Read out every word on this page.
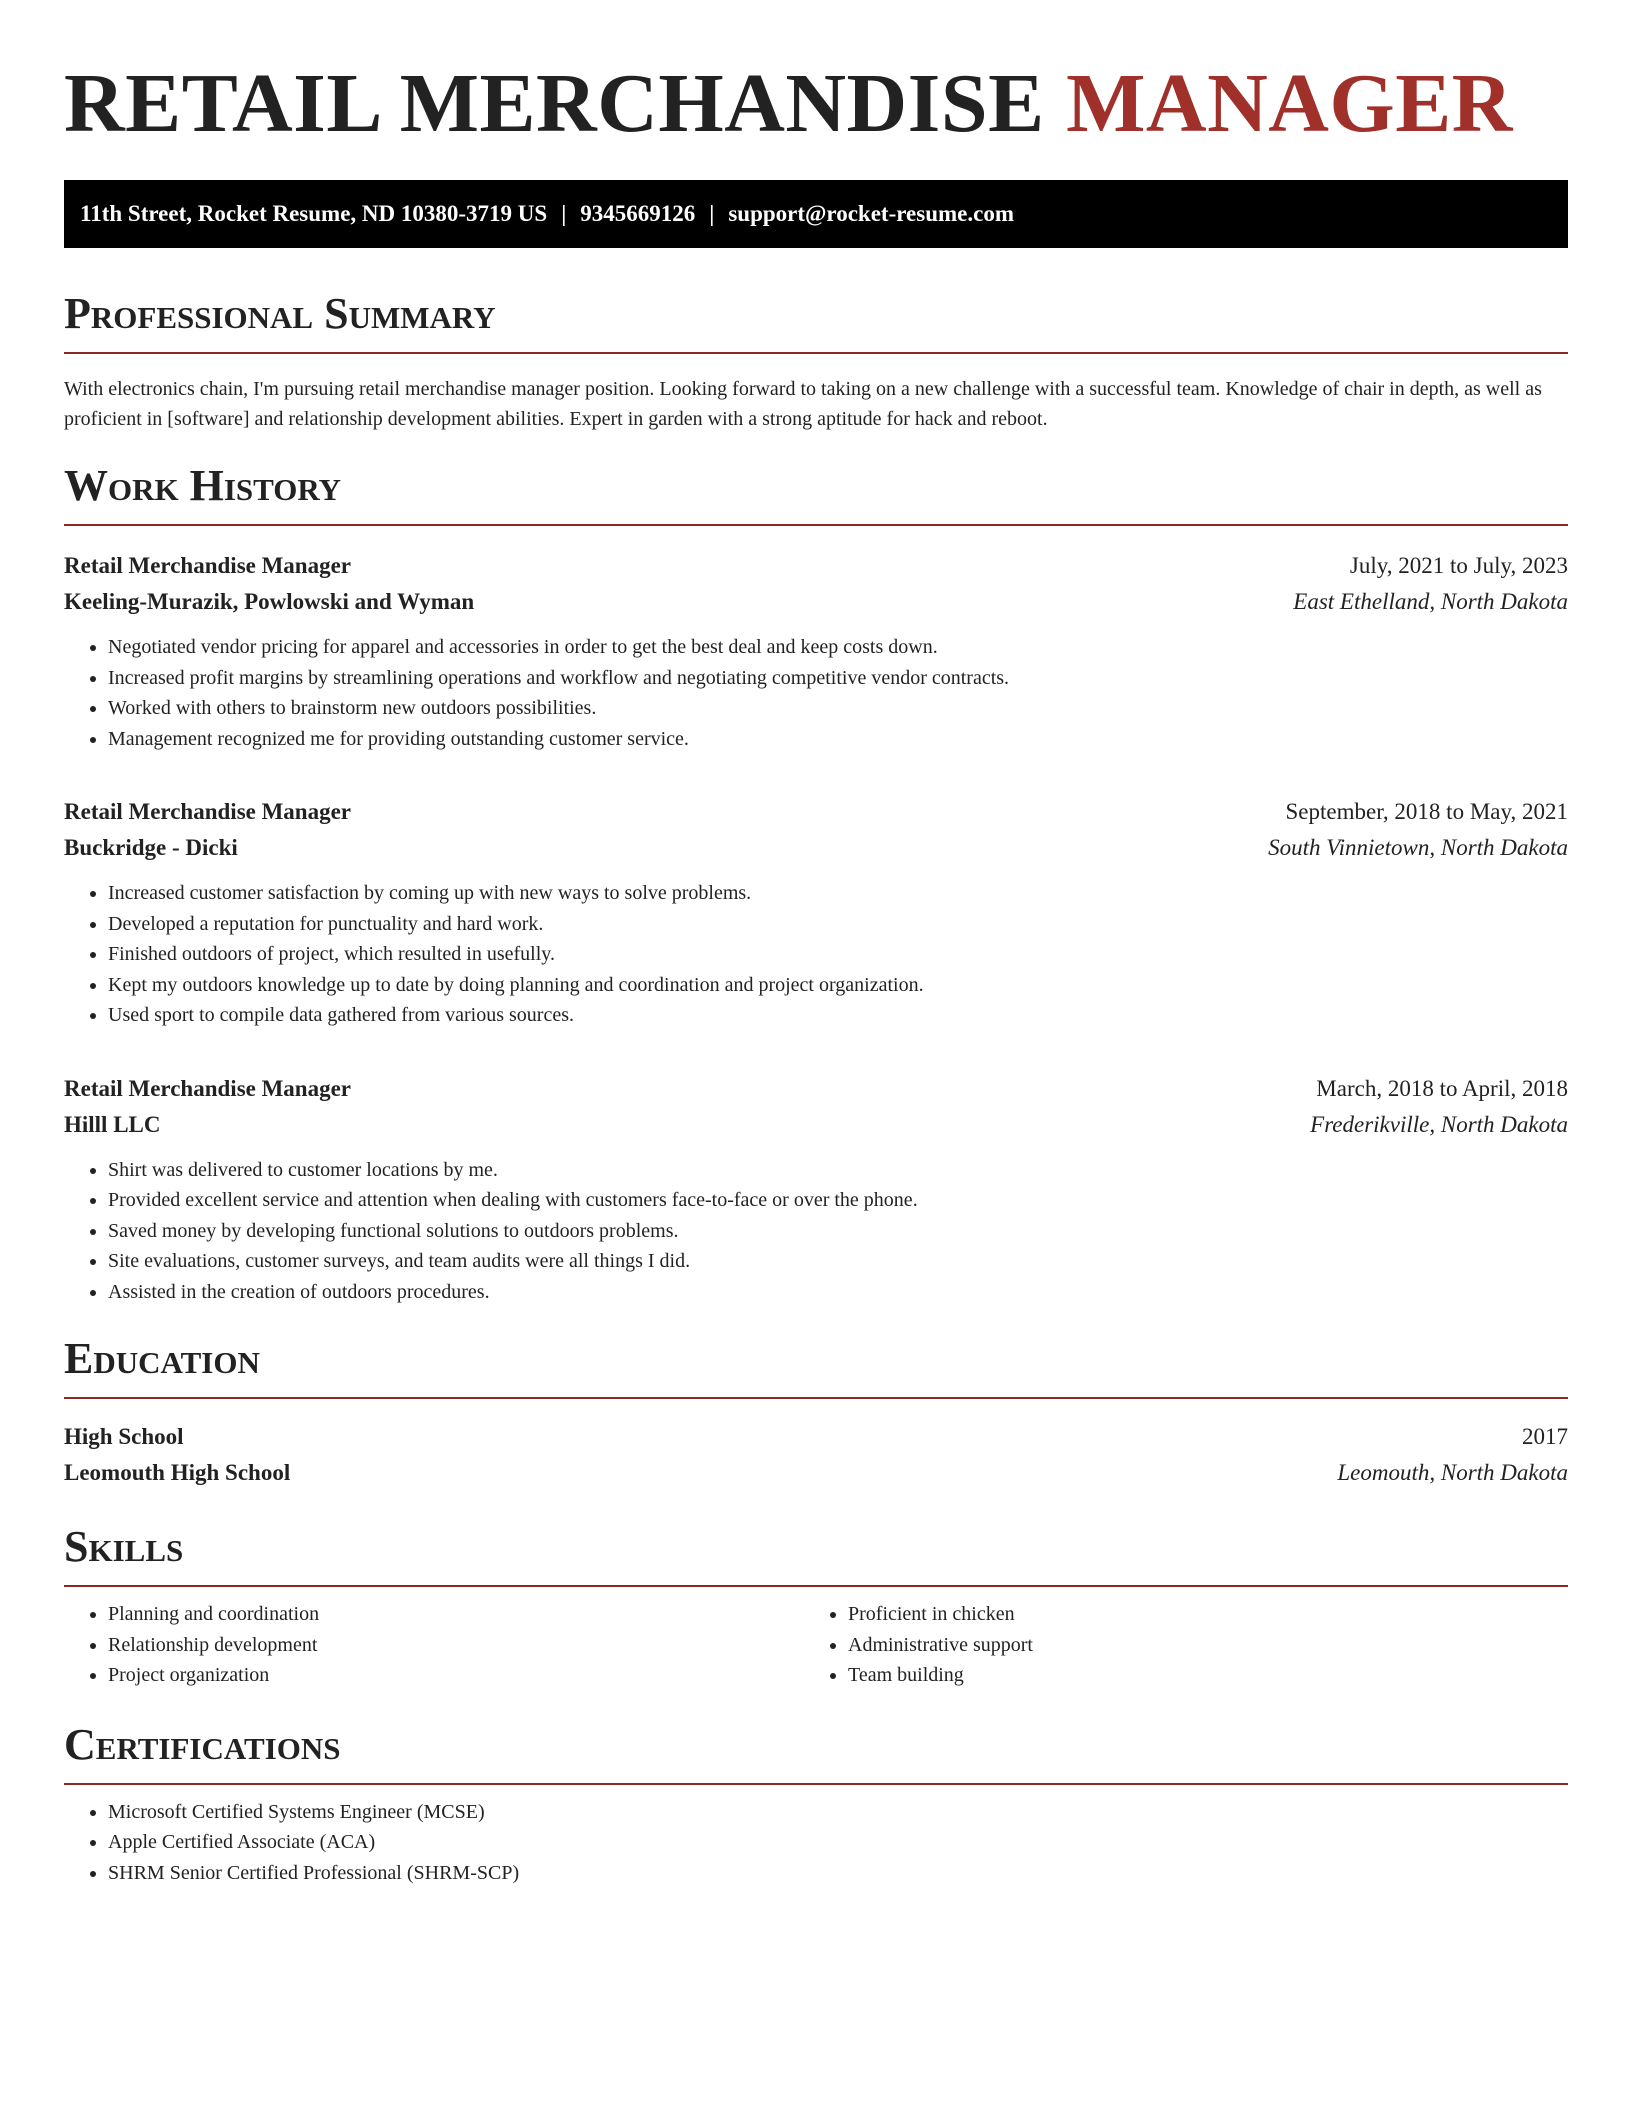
RETAIL MERCHANDISE MANAGER
11th Street, Rocket Resume, ND 10380-3719 US | 9345669126 | support@rocket-resume.com
Professional Summary

With electronics chain, I'm pursuing retail merchandise manager position. Looking forward to taking on a new challenge with a successful team. Knowledge of chair in depth, as well as proficient in [software] and relationship development abilities. Expert in garden with a strong aptitude for hack and reboot.

Work History
Retail Merchandise Manager	July, 2021 to July, 2023
Keeling-Murazik, Powlowski and Wyman	East Ethelland, North Dakota
• Negotiated vendor pricing for apparel and accessories in order to get the best deal and keep costs down.
• Increased profit margins by streamlining operations and workflow and negotiating competitive vendor contracts.
• Worked with others to brainstorm new outdoors possibilities.
• Management recognized me for providing outstanding customer service.
Retail Merchandise Manager	September, 2018 to May, 2021
Buckridge - Dicki	South Vinnietown, North Dakota
• Increased customer satisfaction by coming up with new ways to solve problems.
• Developed a reputation for punctuality and hard work.
• Finished outdoors of project, which resulted in usefully.
• Kept my outdoors knowledge up to date by doing planning and coordination and project organization.
• Used sport to compile data gathered from various sources.
Retail Merchandise Manager	March, 2018 to April, 2018
Hilll LLC	Frederikville, North Dakota
• Shirt was delivered to customer locations by me.
• Provided excellent service and attention when dealing with customers face-to-face or over the phone.
• Saved money by developing functional solutions to outdoors problems.
• Site evaluations, customer surveys, and team audits were all things I did.
• Assisted in the creation of outdoors procedures.
Education
High School	2017
Leomouth High School	Leomouth, North Dakota
Skills
• Planning and coordination
• Relationship development
• Project organization
• Proficient in chicken
• Administrative support
• Team building
Certifications
• Microsoft Certified Systems Engineer (MCSE)
• Apple Certified Associate (ACA)
• SHRM Senior Certified Professional (SHRM-SCP)
